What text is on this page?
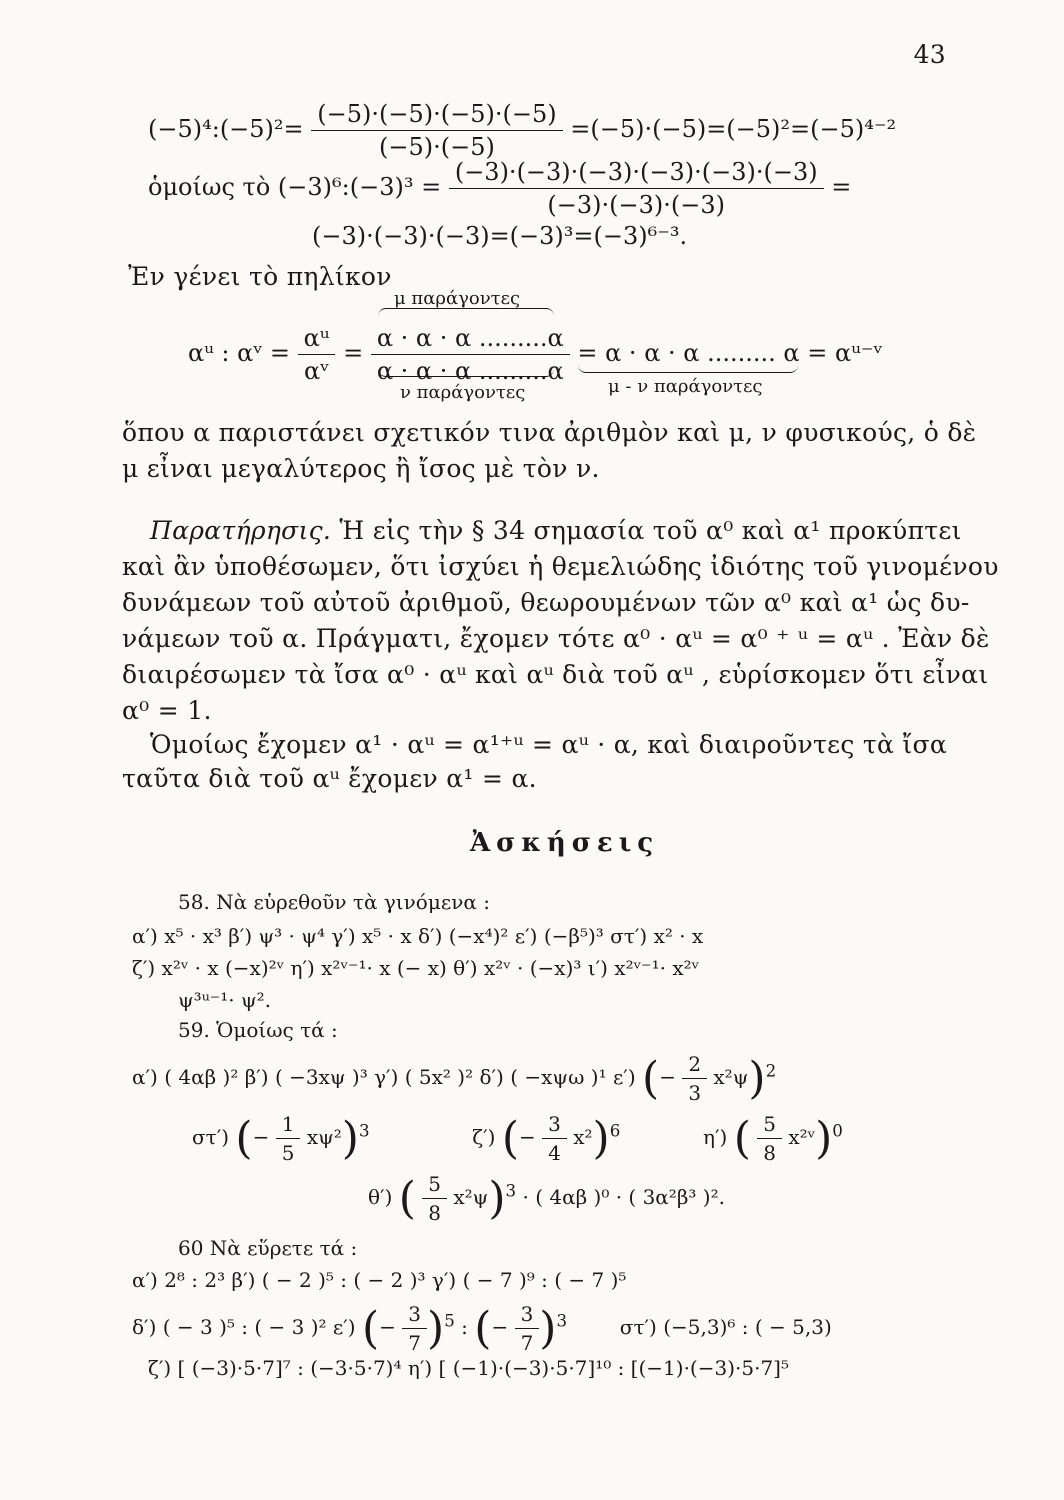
43
(−5)⁴:(−5)²= $\frac{(-5)\cdot(-5)\cdot(-5)\cdot(-5)}{(-5)\cdot(-5)} =(-5)\cdot(-5)=(-5)^2=(-5)^{4-2}$
ὁμοίως τὸ (−3)⁶:(−3)³ = $\frac{(-3)\cdot(-3)\cdot(-3)\cdot(-3)\cdot(-3)\cdot(-3)}{(-3)\cdot(-3)\cdot(-3)}$ =
(−3)·(−3)·(−3)=(−3)³=(−3)⁶⁻³.
Ἐν γένει τὸ πηλίκον
μ παράγοντες
αᵘ : αᵛ = $\frac{\text{αᵘ}}{\text{αᵛ}} = \frac{\alpha \cdot \alpha \cdot \alpha .........\alpha}{\alpha \cdot \alpha \cdot \alpha .........\alpha} = \alpha \cdot \alpha \cdot \alpha$ ......... α = αᵘ⁻ᵛ
ν παράγοντες	μ - ν παράγοντες
ὅπου α παριστάνει σχετικόν τινα ἀριθμὸν καὶ μ, ν φυσικούς, ὁ δὲ
μ εἶναι μεγαλύτερος ἢ ἴσος μὲ τὸν ν.
Παρατήρησις. Ἡ εἰς τὴν § 34 σημασία τοῦ α⁰ καὶ α¹ προκύπτει
καὶ ἂν ὑποθέσωμεν, ὅτι ἰσχύει ἡ θεμελιώδης ἰδιότης τοῦ γινομένου
δυνάμεων τοῦ αὐτοῦ ἀριθμοῦ, θεωρουμένων τῶν α⁰ καὶ α¹ ὡς δυ-
νάμεων τοῦ α. Πράγματι, ἔχομεν τότε α⁰ · αᵘ = α⁰ ⁺ ᵘ = αᵘ . Ἐὰν δὲ
διαιρέσωμεν τὰ ἴσα α⁰ · αᵘ καὶ αᵘ διὰ τοῦ αᵘ , εὑρίσκομεν ὅτι εἶναι
α⁰ = 1.
Ὁμοίως ἔχομεν α¹ · αᵘ = α¹⁺ᵘ = αᵘ · α, καὶ διαιροῦντες τὰ ἴσα
ταῦτα διὰ τοῦ αᵘ ἔχομεν α¹ = α.
Ἀσκήσεις
58. Νὰ εὑρεθοῦν τὰ γινόμενα :
α′) x⁵ · x³ β′) ψ³ · ψ⁴ γ′) x⁵ · x δ′) (−x⁴)² ε′) (−β⁵)³ στ′) x² · x
ζ′) x²ᵛ · x (−x)²ᵛ η′) x²ᵛ⁻¹· x (− x) θ′) x²ᵛ · (−x)³ ι′) x²ᵛ⁻¹· x²ᵛ
ψ³ᵘ⁻¹· ψ².
59. Ὁμοίως τά :
α′) ( 4αβ )² β′) ( −3xψ )³ γ′) ( 5x² )² δ′) ( −xψω )¹ ε′) (− $\frac{2}{3} x^2\psi)^2$
στ′) (− $\frac{1}{5} x\psi^2)^3$	ζ′) (− $\frac{3}{4} x^2)^6$	η′) ( $\frac{5}{8}$ x²ᵛ)$^0$
θ′) ( $\frac{5}{8} x^2\psi)^3$ · ( 4αβ )⁰ · ( 3α²β³ )².
60 Νὰ εὕρετε τά :
α′) 2⁸ : 2³ β′) ( − 2 )⁵ : ( − 2 )³ γ′) ( − 7 )⁹ : ( − 7 )⁵
δ′) ( − 3 )⁵ : ( − 3 )² ε′) (− $\frac{3}{7} )^5$ : (− $\frac{3}{7} )^3$	στ′) (−5,3)⁶ : ( − 5,3)
ζ′) [ (−3)·5·7]⁷ : (−3·5·7)⁴ η′) [ (−1)·(−3)·5·7]¹⁰ : [(−1)·(−3)·5·7]⁵
